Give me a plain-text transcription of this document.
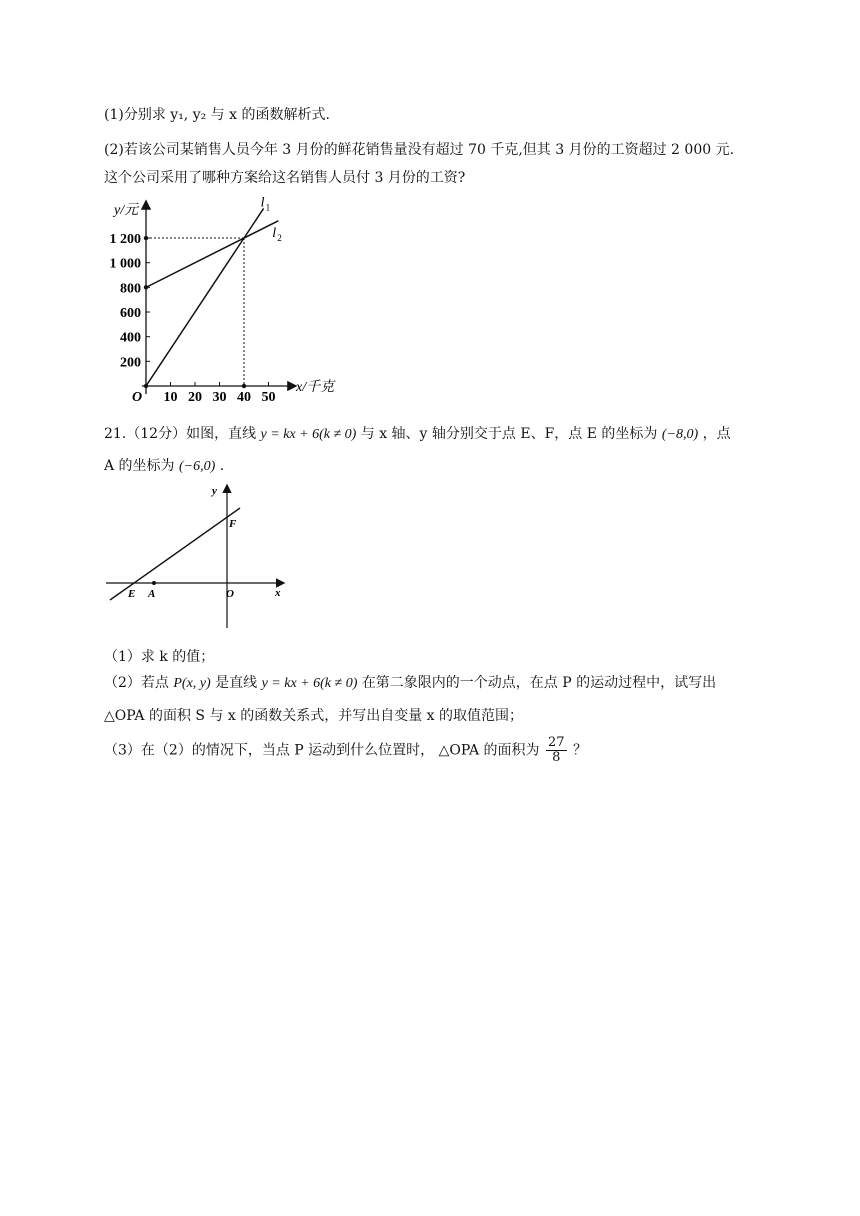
(1)分别求 y₁, y₂ 与 x 的函数解析式.
(2)若该公司某销售人员今年 3 月份的鲜花销售量没有超过 70 千克,但其 3 月份的工资超过 2 000 元.
这个公司采用了哪种方案给这名销售人员付 3 月份的工资?
y/元
x/千克
O 10 20 30 40 50
200
400
600
800
1 000
1 200
l 1
l 2
21.（12分）如图，直线 y = kx + 6(k ≠ 0) 与 x 轴、y 轴分别交于点 E、F，点 E 的坐标为 (−8,0) ，点
A 的坐标为 (−6,0) .
y
x
F
E A	O
（1）求 k 的值；
（2）若点 P(x, y) 是直线 y = kx + 6(k ≠ 0) 在第二象限内的一个动点，在点 P 的运动过程中，试写出
△OPA 的面积 S 与 x 的函数关系式，并写出自变量 x 的取值范围；
（3）在（2）的情况下，当点 P 运动到什么位置时， △OPA 的面积为 $\frac{27}{8}$ ？
